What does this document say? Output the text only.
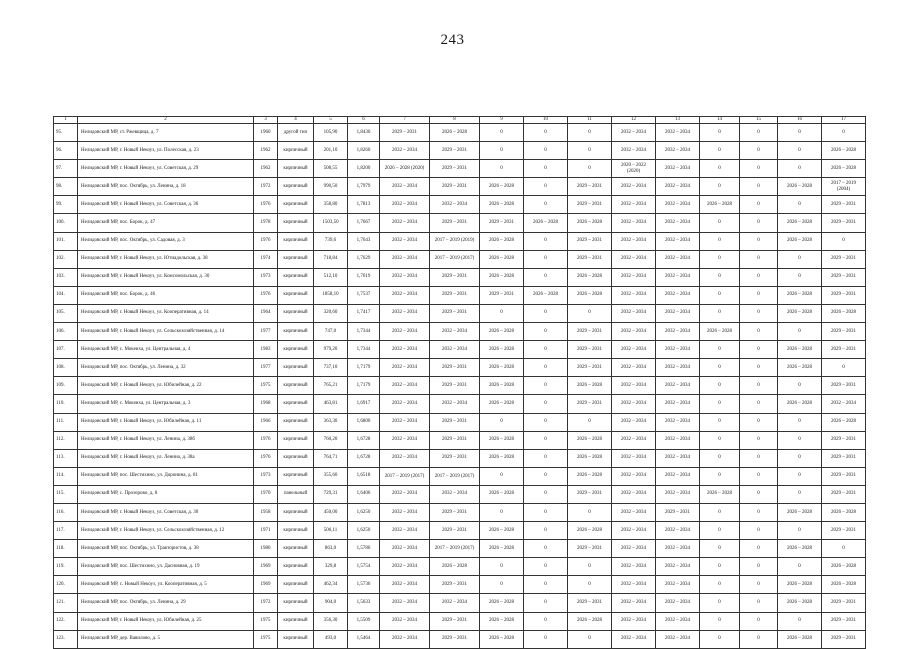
243
1	2	3	4	5	6	7	8	9	10	11	12	13	14	15	16	17
95.	Нелидовский МР, ст. Ржевщица, д. 7	1960	другой тип	105,90	1,8430	2029 – 2031	2026 – 2028	0	0	0	2032 – 2034	2032 – 2034	0	0	0	0
96.	Нелидовский МР, г. Новый Некоуз, ул. Полесская, д. 23	1962	кирпичный	201,10	1,8260	2032 – 2034	2029 – 2031	0	0	0	2032 – 2034	2032 – 2034	0	0	0	2026 – 2028
97.	Нелидовский МР, г. Новый Некоуз, ул. Советская, д. 29	1962	кирпичный	508,55	1,8200	2026 – 2028 (2020)	2029 – 2031	0	0	0	2020 – 2022 (2020)	2032 – 2034	0	0	0	2026 – 2028
98.	Нелидовский МР, пос. Октябрь, ул. Ленина, д. 18	1972	кирпичный	990,50	1,7979	2032 – 2034	2029 – 2031	2026 – 2028	0	2029 – 2031	2032 – 2034	2032 – 2034	0	0	2026 – 2028	2017 – 2019 (2004)
99.	Нелидовский МР, г. Новый Некоуз, ул. Советская, д. 36	1976	кирпичный	358,80	1,7813	2032 – 2034	2032 – 2034	2026 – 2028	0	2029 – 2031	2032 – 2034	2032 – 2034	2026 – 2028	0	0	2029 – 2031
100.	Нелидовский МР, пос. Борок, д. 47	1978	кирпичный	1503,50	1,7667	2032 – 2034	2029 – 2031	2029 – 2031	2026 – 2028	2026 – 2028	2032 – 2034	2032 – 2034	0	0	2026 – 2028	2029 – 2031
101.	Нелидовский МР, пос. Октябрь, ул. Садовая, д. 3	1976	кирпичный	739,6	1,7643	2032 – 2034	2017 – 2019 (2019)	2026 – 2028	0	2029 – 2031	2032 – 2034	2032 – 2034	0	0	2026 – 2028	0
102.	Нелидовский МР, г. Новый Некоуз, ул. Ютиадольская, д. 38	1974	кирпичный	718,84	1,7629	2032 – 2034	2017 – 2019 (2017)	2026 – 2028	0	2029 – 2031	2032 – 2034	2032 – 2034	0	0	0	2029 – 2031
103.	Нелидовский МР, г. Новый Некоуз, ул. Комсомольская, д. 30	1973	кирпичный	512,10	1,7619	2032 – 2034	2029 – 2031	2026 – 2028	0	2026 – 2028	2032 – 2034	2032 – 2034	0	0	0	2029 – 2031
104.	Нелидовский МР, пос. Борок, д. 46	1976	кирпичный	1858,10	1,7537	2032 – 2034	2029 – 2031	2029 – 2031	2026 – 2028	2026 – 2028	2032 – 2034	2032 – 2034	0	0	2026 – 2028	2029 – 2031
105.	Нелидовский МР, г. Новый Некоуз, ул. Кооперативная, д. 14	1964	кирпичный	320,60	1,7417	2032 – 2034	2029 – 2031	0	0	0	2032 – 2034	2032 – 2034	0	0	2026 – 2028	2026 – 2028
106.	Нелидовский МР, г. Новый Некоуз, ул. Сельскохозяйственная, д. 14	1977	кирпичный	747,0	1,7344	2032 – 2034	2032 – 2034	2026 – 2028	0	2029 – 2031	2032 – 2034	2032 – 2034	2026 – 2028	0	0	2029 – 2031
107.	Нелидовский МР, с. Мокеиха, ул. Центральная, д. 4	1983	кирпичный	979,20	1,7344	2032 – 2034	2032 – 2034	2026 – 2028	0	2029 – 2031	2032 – 2034	2032 – 2034	0	0	2026 – 2028	2029 – 2031
108.	Нелидовский МР, пос. Октябрь, ул. Ленина, д. 32	1977	кирпичный	737,10	1,7179	2032 – 2034	2029 – 2031	2026 – 2028	0	2029 – 2031	2032 – 2034	2032 – 2034	0	0	2026 – 2028	0
109.	Нелидовский МР, г. Новый Некоуз, ул. Юбилейная, д. 22	1975	кирпичный	765,21	1,7179	2032 – 2034	2029 – 2031	2026 – 2028	0	2026 – 2028	2032 – 2034	2032 – 2034	0	0	0	2029 – 2031
110.	Нелидовский МР, с. Мокеиха, ул. Центральная, д. 3	1968	кирпичный	463,81	1,6917	2032 – 2034	2032 – 2034	2026 – 2028	0	2029 – 2031	2032 – 2034	2032 – 2034	0	0	2026 – 2028	2032 – 2034
111.	Нелидовский МР, г. Новый Некоуз, ул. Юбилейная, д. 11	1966	кирпичный	363,30	1,6800	2032 – 2034	2029 – 2031	0	0	0	2032 – 2034	2032 – 2034	0	0	0	2026 – 2028
112.	Нелидовский МР, г. Новый Некоуз, ул. Ленина, д. 38б	1976	кирпичный	760,20	1,6728	2032 – 2034	2029 – 2031	2026 – 2028	0	2026 – 2028	2032 – 2034	2032 – 2034	0	0	0	2029 – 2031
113.	Нелидовский МР, г. Новый Некоуз, ул. Ленина, д. 38а	1976	кирпичный	764,71	1,6728	2032 – 2034	2029 – 2031	2026 – 2028	0	2026 – 2028	2032 – 2034	2032 – 2034	0	0	0	2029 – 2031
114.	Нелидовский МР, пос. Шестихино, ул. Доронина, д. 81	1973	кирпичный	355,60	1,6518	2017 – 2019 (2017)	2017 – 2019 (2017)	0	0	2026 – 2028	2032 – 2034	2032 – 2034	0	0	0	2029 – 2031
115.	Нелидовский МР, с. Прозорово, д. 8	1970	панельный	729,31	1,6406	2032 – 2034	2032 – 2034	2026 – 2028	0	2029 – 2031	2032 – 2034	2032 – 2034	2026 – 2028	0	0	2029 – 2031
116.	Нелидовский МР, г. Новый Некоуз, ул. Советская, д. 30	1958	кирпичный	450,00	1,6250	2032 – 2034	2029 – 2031	0	0	0	2032 – 2034	2029 – 2031	0	0	2026 – 2028	2026 – 2028
117.	Нелидовский МР, г. Новый Некоуз, ул. Сельскохозяйственная, д. 12	1971	кирпичный	506,11	1,6250	2032 – 2034	2029 – 2031	2026 – 2028	0	2026 – 2028	2032 – 2034	2032 – 2034	0	0	0	2029 – 2031
118.	Нелидовский МР, пос. Октябрь, ул. Трактористов, д. 38	1980	кирпичный	863,0	1,5786	2032 – 2034	2017 – 2019 (2017)	2026 – 2028	0	2029 – 2031	2032 – 2034	2032 – 2034	0	0	2026 – 2028	0
119.	Нелидовский МР, пос. Шестихино, ул. Дасновная, д. 19	1969	кирпичный	329,8	1,5754	2032 – 2034	2026 – 2028	0	0	0	2032 – 2034	2032 – 2034	0	0	0	2026 – 2028
120.	Нелидовский МР, с. Новый Некоуз, ул. Кооперативная, д. 5	1969	кирпичный	462,34	1,5736	2032 – 2034	2029 – 2031	0	0	0	2032 – 2034	2032 – 2034	0	0	2026 – 2028	2026 – 2028
121.	Нелидовский МР, пос. Октябрь, ул. Ленина, д. 29	1972	кирпичный	904,0	1,5633	2032 – 2034	2032 – 2034	2026 – 2028	0	2029 – 2031	2032 – 2034	2032 – 2034	0	0	2026 – 2028	2029 – 2031
122.	Нелидовский МР, г. Новый Некоуз, ул. Юбилейная, д. 25	1975	кирпичный	356,30	1,5509	2032 – 2034	2029 – 2031	2026 – 2028	0	2026 – 2028	2032 – 2034	2032 – 2034	0	0	0	2029 – 2031
123.	Нелидовский МР, дер. Вавилово, д. 5	1975	кирпичный	493,0	1,5464	2032 – 2034	2029 – 2031	2026 – 2028	0	0	2032 – 2034	2032 – 2034	0	0	2026 – 2028	2029 – 2031
